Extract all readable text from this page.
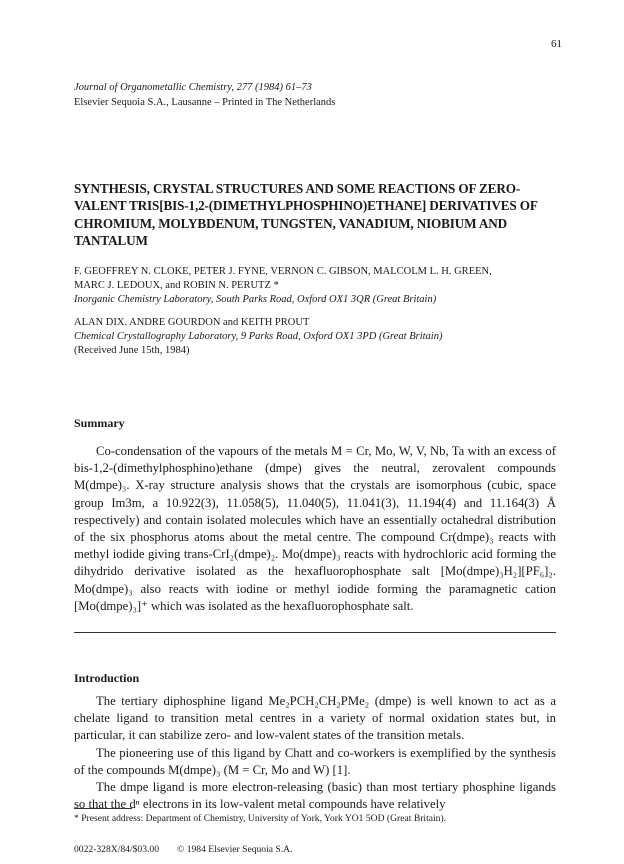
61
Journal of Organometallic Chemistry, 277 (1984) 61–73
Elsevier Sequoia S.A., Lausanne – Printed in The Netherlands
SYNTHESIS, CRYSTAL STRUCTURES AND SOME REACTIONS OF ZERO-VALENT TRIS[BIS-1,2-(DIMETHYLPHOSPHINO)ETHANE] DERIVATIVES OF CHROMIUM, MOLYBDENUM, TUNGSTEN, VANADIUM, NIOBIUM AND TANTALUM
F. GEOFFREY N. CLOKE, PETER J. FYNE, VERNON C. GIBSON, MALCOLM L. H. GREEN,
MARC J. LEDOUX, and ROBIN N. PERUTZ *
Inorganic Chemistry Laboratory, South Parks Road, Oxford OX1 3QR (Great Britain)
ALAN DIX. ANDRE GOURDON and KEITH PROUT
Chemical Crystallography Laboratory, 9 Parks Road, Oxford OX1 3PD (Great Britain)
(Received June 15th, 1984)
Summary

Co-condensation of the vapours of the metals M = Cr, Mo, W, V, Nb, Ta with an excess of bis-1,2-(dimethylphosphino)ethane (dmpe) gives the neutral, zerovalent compounds M(dmpe)₃. X-ray structure analysis shows that the crystals are isomorphous (cubic, space group Im3m, a 10.922(3), 11.058(5), 11.040(5), 11.041(3), 11.194(4) and 11.164(3) Å respectively) and contain isolated molecules which have an essentially octahedral distribution of the six phosphorus atoms about the metal centre. The compound Cr(dmpe)₃ reacts with methyl iodide giving trans-CrI₂(dmpe)₂. Mo(dmpe)₃ reacts with hydrochloric acid forming the dihydrido derivative isolated as the hexafluorophosphate salt [Mo(dmpe)₃H₂][PF₆]₂. Mo(dmpe)₃ also reacts with iodine or methyl iodide forming the paramagnetic cation [Mo(dmpe)₃]⁺ which was isolated as the hexafluorophosphate salt.

Introduction

The tertiary diphosphine ligand Me₂PCH₂CH₂PMe₂ (dmpe) is well known to act as a chelate ligand to transition metal centres in a variety of normal oxidation states but, in particular, it can stabilize zero- and low-valent states of the transition metals.

The pioneering use of this ligand by Chatt and co-workers is exemplified by the synthesis of the compounds M(dmpe)₃ (M = Cr, Mo and W) [1].

The dmpe ligand is more electron-releasing (basic) than most tertiary phosphine ligands so that the dⁿ electrons in its low-valent metal compounds have relatively

* Present address: Department of Chemistry, University of York, York YO1 5OD (Great Britain).
0022-328X/84/$03.00 © 1984 Elsevier Sequoia S.A.
